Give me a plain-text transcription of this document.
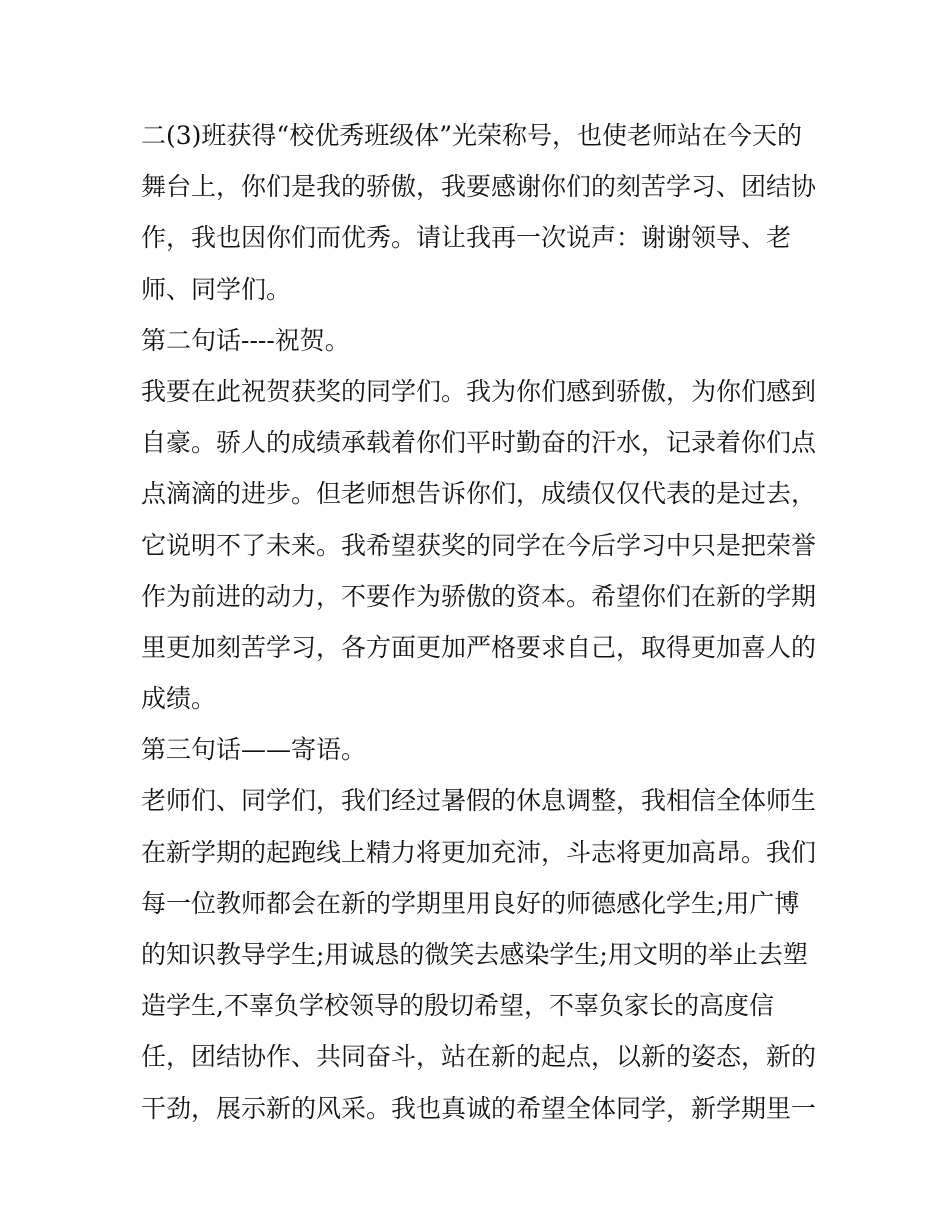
二(3)班获得“校优秀班级体”光荣称号，也使老师站在今天的
舞台上，你们是我的骄傲，我要感谢你们的刻苦学习、团结协
作，我也因你们而优秀。请让我再一次说声：谢谢领导、老
师、同学们。
第二句话----祝贺。
我要在此祝贺获奖的同学们。我为你们感到骄傲，为你们感到
自豪。骄人的成绩承载着你们平时勤奋的汗水，记录着你们点
点滴滴的进步。但老师想告诉你们，成绩仅仅代表的是过去，
它说明不了未来。我希望获奖的同学在今后学习中只是把荣誉
作为前进的动力，不要作为骄傲的资本。希望你们在新的学期
里更加刻苦学习，各方面更加严格要求自己，取得更加喜人的
成绩。
第三句话——寄语。
老师们、同学们，我们经过暑假的休息调整，我相信全体师生
在新学期的起跑线上精力将更加充沛，斗志将更加高昂。我们
每一位教师都会在新的学期里用良好的师德感化学生;用广博
的知识教导学生;用诚恳的微笑去感染学生;用文明的举止去塑
造学生,不辜负学校领导的殷切希望，不辜负家长的高度信
任，团结协作、共同奋斗，站在新的起点，以新的姿态，新的
干劲，展示新的风采。我也真诚的希望全体同学，新学期里一
